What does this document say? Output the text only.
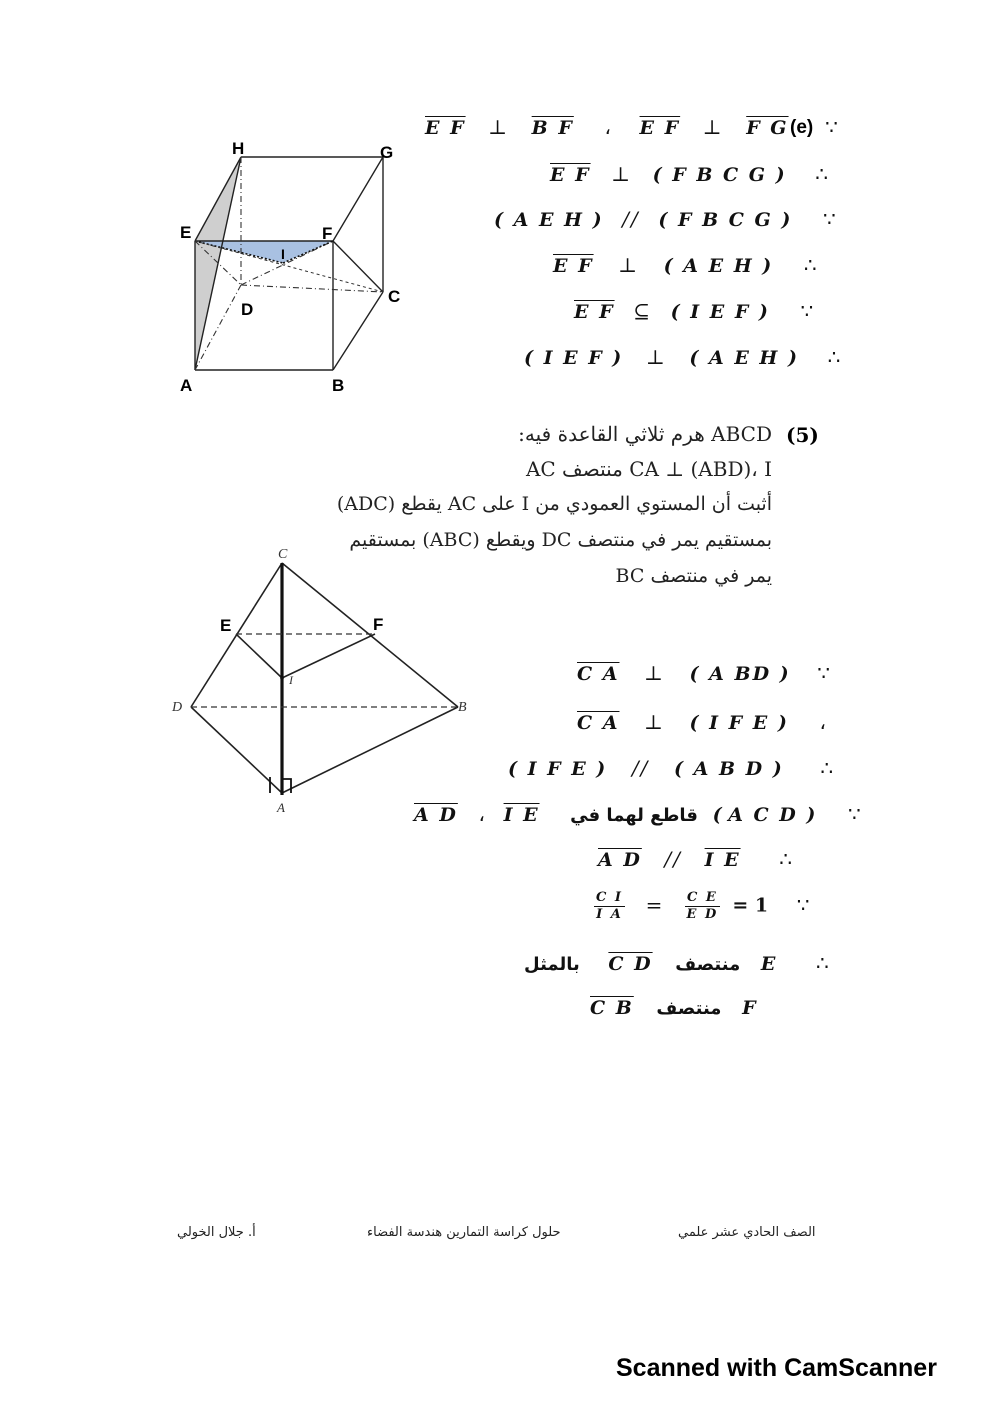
H	G
E	F
I
D
C
A	B
(e)
E F ⊥ B F ، E F ⊥ F G ∵
E F ⊥ ( F B C G ) ∴
( A E H ) // ( F B C G ) ∵
E F ⊥ ( A E H ) ∴
E F ⊆ ( I E F ) ∵
( I E F ) ⊥ ( A E H ) ∴
(5)
ABCD هرم ثلاثي القاعدة فيه:
CA ⊥ (ABD)، I منتصف AC
أثبت أن المستوي العمودي من I على AC يقطع (ADC)
بمستقيم يمر في منتصف DC ويقطع (ABC) بمستقيم
يمر في منتصف BC
C
E	F
I
D	B
A
C A ⊥ ( A BD ) ∵
C A ⊥ ( I F E ) ،
( I F E ) // ( A B D ) ∴
A D ، I E قاطع لهما في ( A C D ) ∵
A D // I E ∴
$\frac{\text{C I}}{\text{I A}} = \frac{\text{C E}}{\text{E D}} = 1$ ∵
بالمثل C D منتصف E ∴
C B منتصف F
الصف الحادي عشر علمي
حلول كراسة التمارين هندسة الفضاء
أ. جلال الخولي
Scanned with CamScanner
